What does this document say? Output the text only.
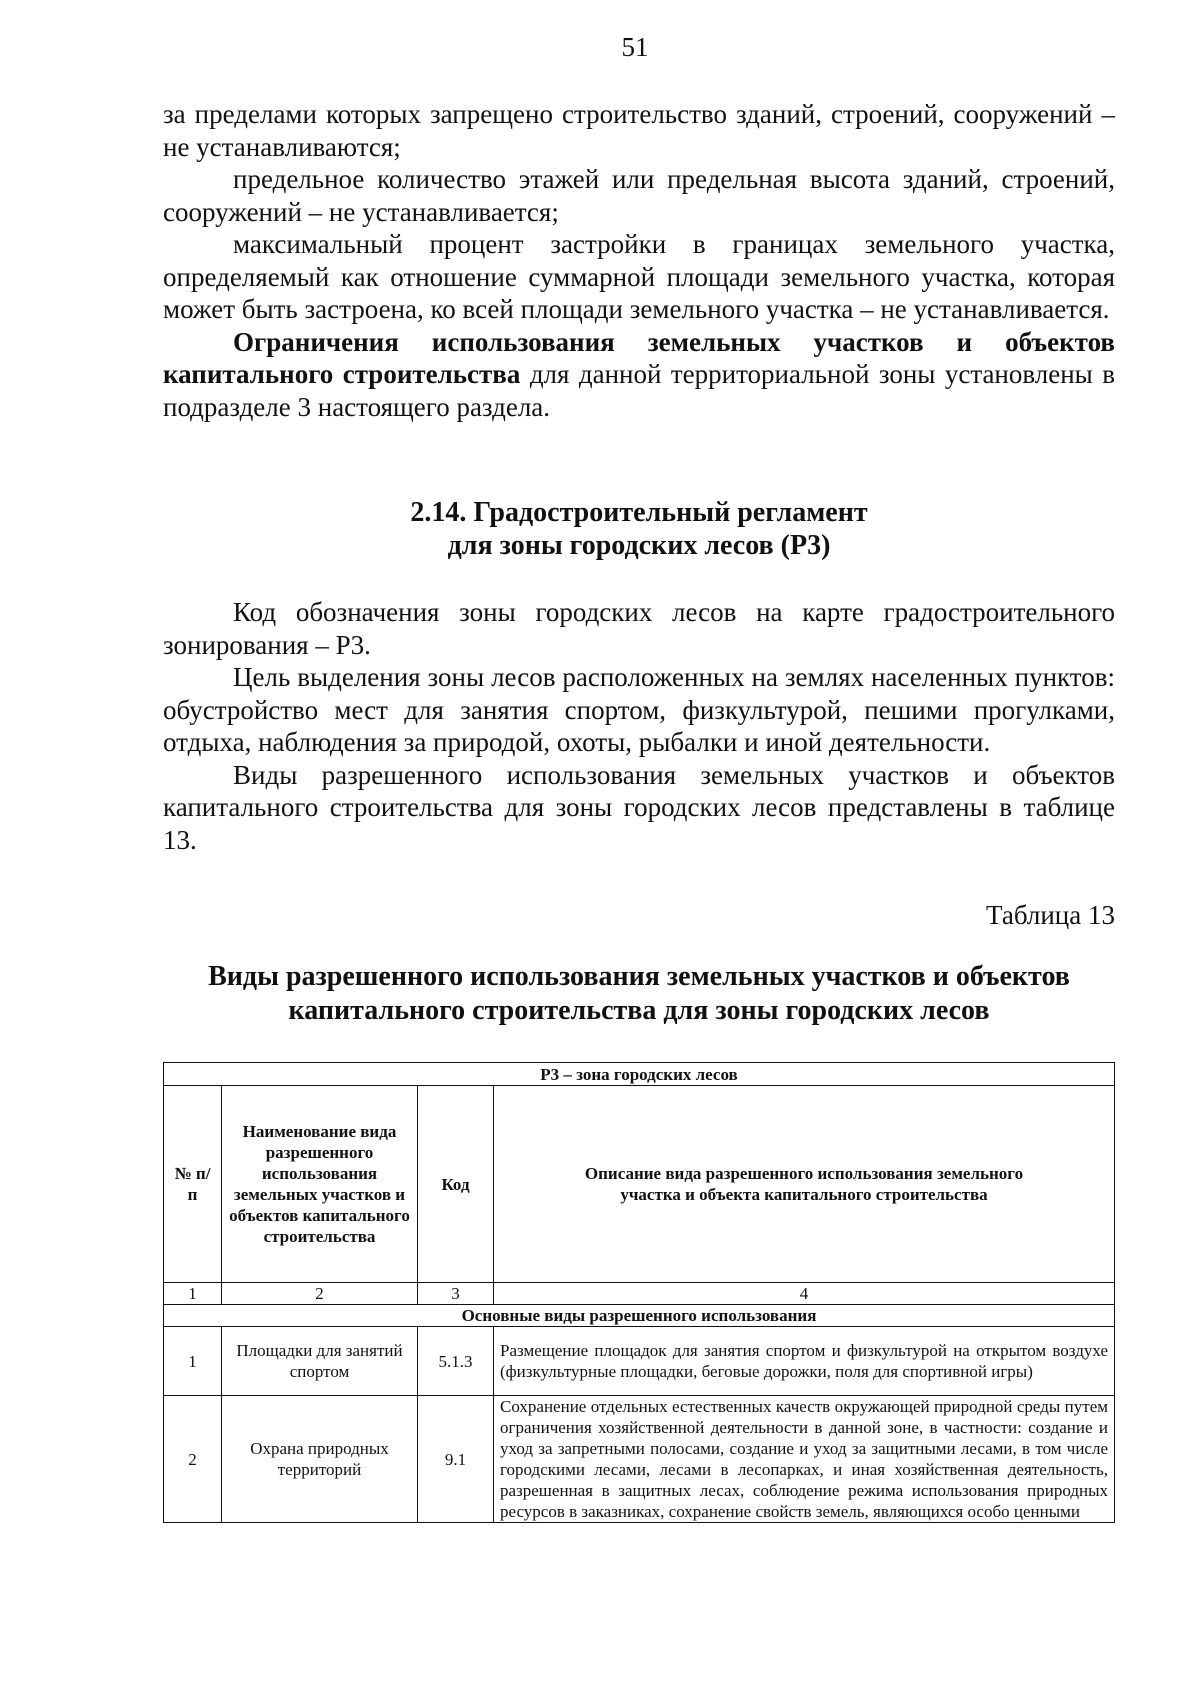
51

за пределами которых запрещено строительство зданий, строений, сооружений – не устанавливаются;

предельное количество этажей или предельная высота зданий, строений, сооружений – не устанавливается;

максимальный процент застройки в границах земельного участка, определяемый как отношение суммарной площади земельного участка, которая может быть застроена, ко всей площади земельного участка – не устанавливается.

Ограничения использования земельных участков и объектов капитального строительства для данной территориальной зоны установлены в подразделе 3 настоящего раздела.

2.14. Градостроительный регламент
для зоны городских лесов (Р3)

Код обозначения зоны городских лесов на карте градостроительного зонирования – Р3.

Цель выделения зоны лесов расположенных на землях населенных пунктов: обустройство мест для занятия спортом, физкультурой, пешими прогулками, отдыха, наблюдения за природой, охоты, рыбалки и иной деятельности.

Виды разрешенного использования земельных участков и объектов капитального строительства для зоны городских лесов представлены в таблице 13.

Таблица 13
Виды разрешенного использования земельных участков и объектов
капитального строительства для зоны городских лесов
Р3 – зона городских лесов			
№ п/п	Наименование вида разрешенного использования земельных участков и объектов капитального строительства	Код	Описание вида разрешенного использования земельного участка и объекта капитального строительства
1	2	3	4
Основные виды разрешенного использования			
1	Площадки для занятий спортом	5.1.3	Размещение площадок для занятия спортом и физкультурой на открытом воздухе (физкультурные площадки, беговые дорожки, поля для спортивной игры)
2	Охрана природных территорий	9.1	Сохранение отдельных естественных качеств окружающей природной среды путем ограничения хозяйственной деятельности в данной зоне, в частности: создание и уход за запретными полосами, создание и уход за защитными лесами, в том числе городскими лесами, лесами в лесопарках, и иная хозяйственная деятельность, разрешенная в защитных лесах, соблюдение режима использования природных ресурсов в заказниках, сохранение свойств земель, являющихся особо ценными
